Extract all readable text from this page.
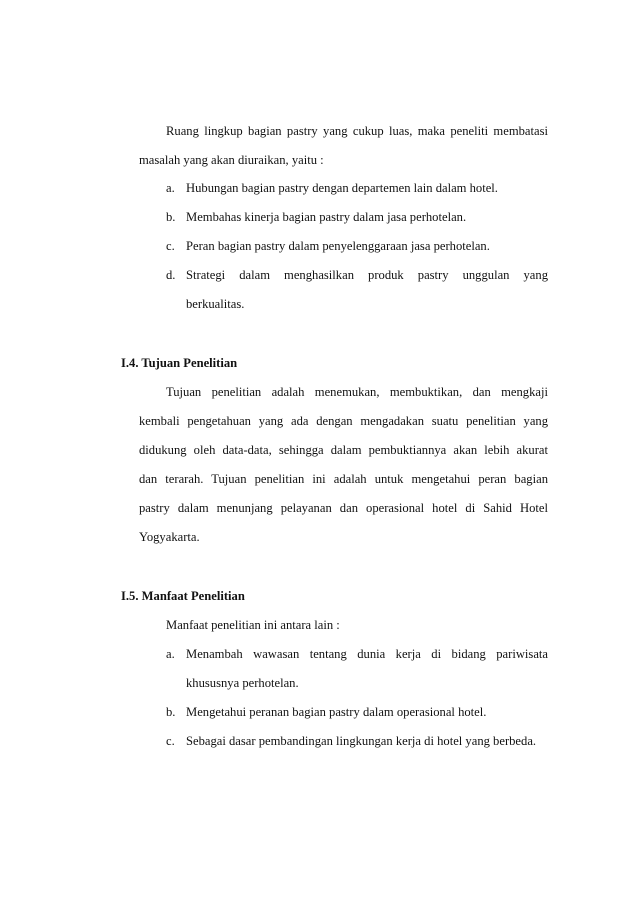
Ruang lingkup bagian pastry yang cukup luas, maka peneliti membatasi
masalah yang akan diuraikan, yaitu :
a. Hubungan bagian pastry dengan departemen lain dalam hotel.
b. Membahas kinerja bagian pastry dalam jasa perhotelan.
c. Peran bagian pastry dalam penyelenggaraan jasa perhotelan.
d. Strategi dalam menghasilkan produk pastry unggulan yang
berkualitas.
I.4. Tujuan Penelitian
Tujuan penelitian adalah menemukan, membuktikan, dan mengkaji
kembali pengetahuan yang ada dengan mengadakan suatu penelitian yang
didukung oleh data-data, sehingga dalam pembuktiannya akan lebih akurat
dan terarah. Tujuan penelitian ini adalah untuk mengetahui peran bagian
pastry dalam menunjang pelayanan dan operasional hotel di Sahid Hotel
Yogyakarta.
I.5. Manfaat Penelitian
Manfaat penelitian ini antara lain :
a. Menambah wawasan tentang dunia kerja di bidang pariwisata
khususnya perhotelan.
b. Mengetahui peranan bagian pastry dalam operasional hotel.
c. Sebagai dasar pembandingan lingkungan kerja di hotel yang berbeda.
